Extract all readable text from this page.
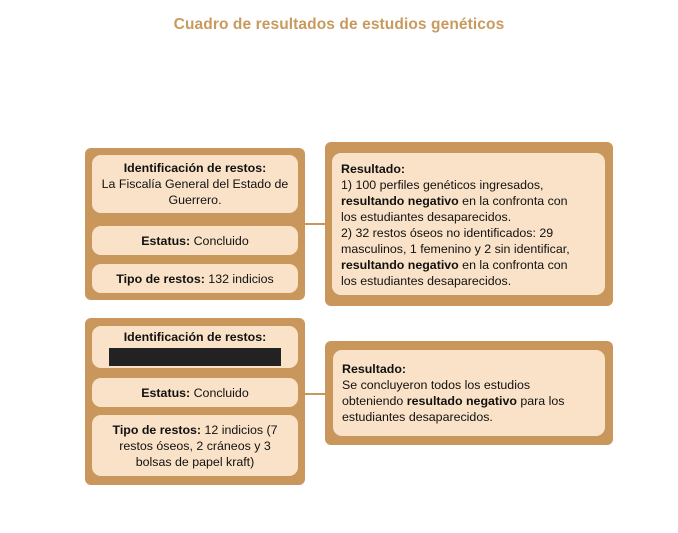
Cuadro de resultados de estudios genéticos
Identificación de restos:
La Fiscalía General del Estado de Guerrero.
Estatus: Concluido
Tipo de restos: 132 indicios
Resultado:
1) 100 perfiles genéticos ingresados,
resultando negativo en la confronta con
los estudiantes desaparecidos.
2) 32 restos óseos no identificados: 29
masculinos, 1 femenino y 2 sin identificar,
resultando negativo en la confronta con
los estudiantes desaparecidos.
Identificación de restos:
Estatus: Concluido
Tipo de restos: 12 indicios (7 restos óseos, 2 cráneos y 3 bolsas de papel kraft)
Resultado:
Se concluyeron todos los estudios
obteniendo resultado negativo para los
estudiantes desaparecidos.
